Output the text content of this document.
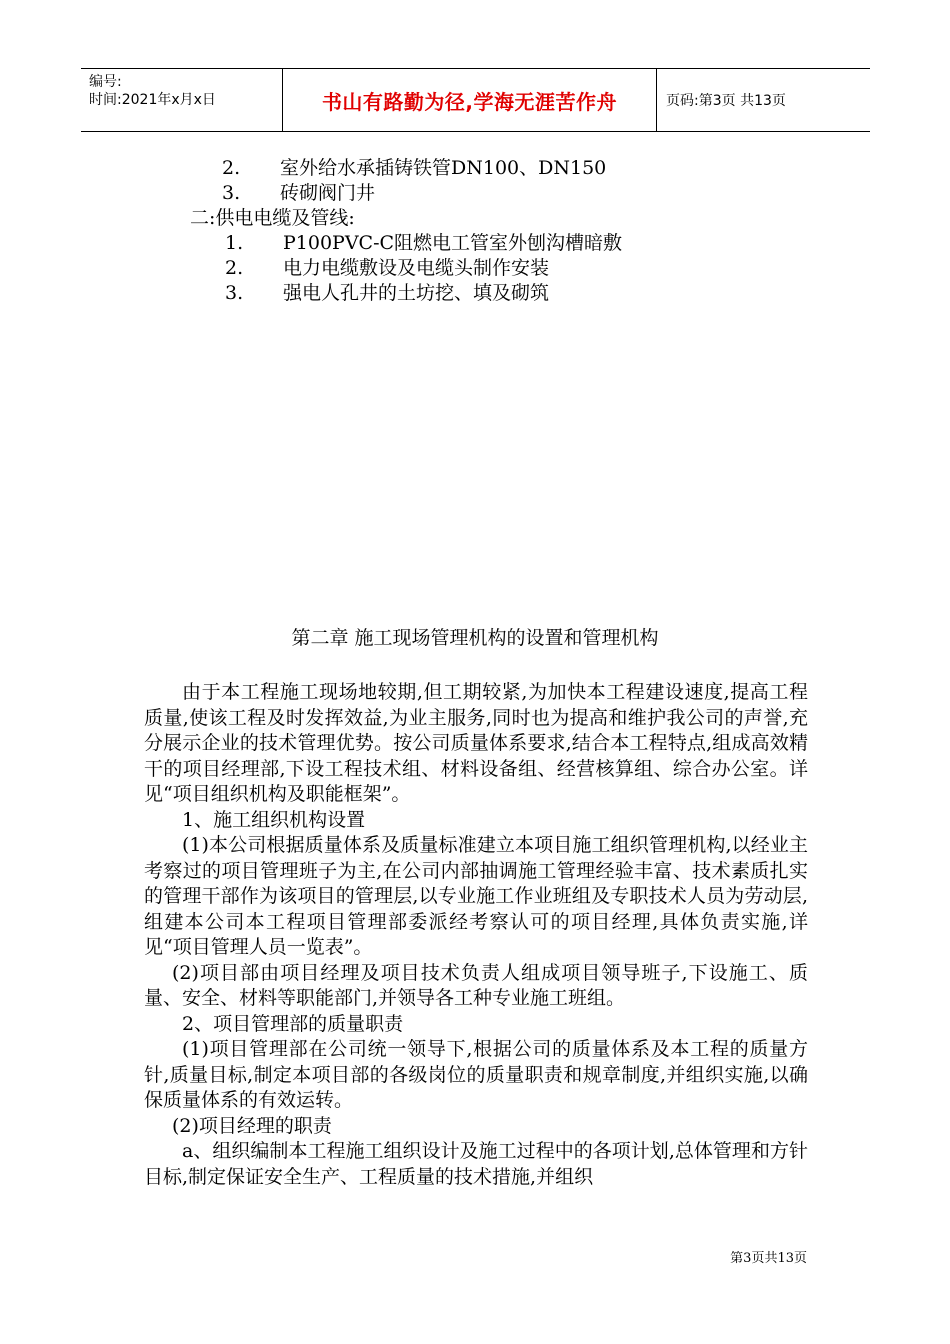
编号:
时间:2021年x月x日	书山有路勤为径,学海无涯苦作舟	页码:第3页 共13页
2. 室外给水承插铸铁管DN100、DN150
3. 砖砌阀门井
二:供电电缆及管线:
1. P100PVC-C阻燃电工管室外刨沟槽暗敷
2. 电力电缆敷设及电缆头制作安装
3. 强电人孔井的土坊挖、填及砌筑
第二章 施工现场管理机构的设置和管理机构

由于本工程施工现场地较期,但工期较紧,为加快本工程建设速度,提高工程质量,使该工程及时发挥效益,为业主服务,同时也为提高和维护我公司的声誉,充分展示企业的技术管理优势。按公司质量体系要求,结合本工程特点,组成高效精干的项目经理部,下设工程技术组、材料设备组、经营核算组、综合办公室。详见“项目组织机构及职能框架”。

1、施工组织机构设置

(1)本公司根据质量体系及质量标准建立本项目施工组织管理机构,以经业主考察过的项目管理班子为主,在公司内部抽调施工管理经验丰富、技术素质扎实的管理干部作为该项目的管理层,以专业施工作业班组及专职技术人员为劳动层,组建本公司本工程项目管理部委派经考察认可的项目经理,具体负责实施,详见“项目管理人员一览表”。

(2)项目部由项目经理及项目技术负责人组成项目领导班子,下设施工、质量、安全、材料等职能部门,并领导各工种专业施工班组。

2、项目管理部的质量职责

(1)项目管理部在公司统一领导下,根据公司的质量体系及本工程的质量方针,质量目标,制定本项目部的各级岗位的质量职责和规章制度,并组织实施,以确保质量体系的有效运转。

(2)项目经理的职责

a、组织编制本工程施工组织设计及施工过程中的各项计划,总体管理和方针目标,制定保证安全生产、工程质量的技术措施,并组织

第3页共13页
